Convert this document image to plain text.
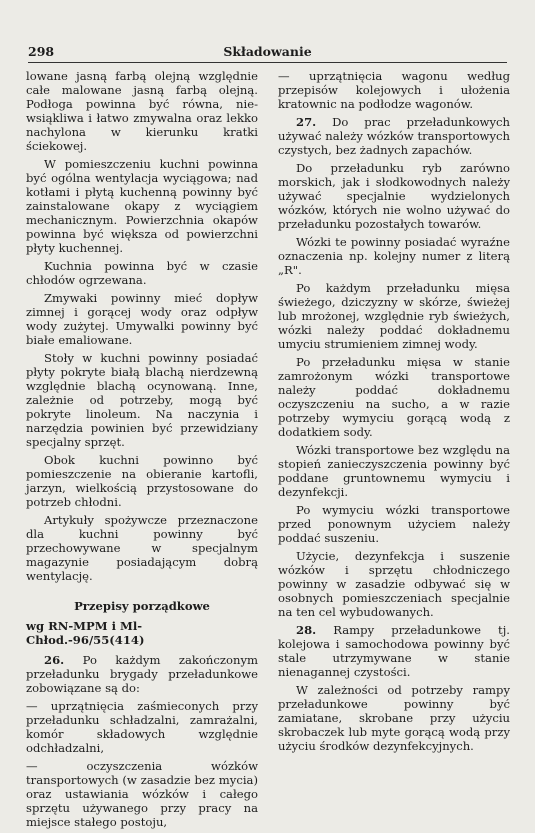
298	Składowanie

lowane jasną farbą olejną względnie całe malowane jasną farbą olejną. Podłoga powinna być równa, nie-wsiąkliwa i łatwo zmywalna oraz lekko nachylona w kierunku kratki ściekowej.

W pomieszczeniu kuchni powinna być ogólna wentylacja wyciągowa; nad kotłami i płytą kuchenną powinny być zainstalowane okapy z wyciągiem mechanicznym. Powierzchnia okapów powinna być większa od powierzchni płyty kuchennej.

Kuchnia powinna być w czasie chłodów ogrzewana.

Zmywaki powinny mieć dopływ zimnej i gorącej wody oraz odpływ wody zużytej. Umywalki powinny być białe emaliowane.

Stoły w kuchni powinny posiadać płyty pokryte białą blachą nierdzewną względnie blachą ocynowaną. Inne, zależnie od potrzeby, mogą być pokryte linoleum. Na naczynia i narzędzia powinien być przewidziany specjalny sprzęt.

Obok kuchni powinno być pomieszczenie na obieranie kartofli, jarzyn, wielkością przystosowane do potrzeb chłodni.

Artykuły spożywcze przeznaczone dla kuchni powinny być przechowywane w specjalnym magazynie posiadającym dobrą wentylację.

Przepisy porządkowe
wg RN-MPM i Ml-Chłod.-96/55(414)

26. Po każdym zakończonym przeładunku brygady przeładunkowe zobowiązane są do:

— uprzątnięcia zaśmieconych przy przeładunku schładzalni, zamrażalni, komór składowych względnie odchładzalni,

— oczyszczenia wózków transportowych (w zasadzie bez mycia) oraz ustawiania wózków i całego sprzętu używanego przy pracy na miejsce stałego postoju,

— uprzątnięcia wagonu według przepisów kolejowych i ułożenia kratownic na podłodze wagonów.

27. Do prac przeładunkowych używać należy wózków transportowych czystych, bez żadnych zapachów.

Do przeładunku ryb zarówno morskich, jak i słodkowodnych należy używać specjalnie wydzielonych wózków, których nie wolno używać do przeładunku pozostałych towarów.

Wózki te powinny posiadać wyraźne oznaczenia np. kolejny numer z literą „R".

Po każdym przeładunku mięsa świeżego, dziczyzny w skórze, świeżej lub mrożonej, względnie ryb świeżych, wózki należy poddać dokładnemu umyciu strumieniem zimnej wody.

Po przeładunku mięsa w stanie zamrożonym wózki transportowe należy poddać dokładnemu oczyszczeniu na sucho, a w razie potrzeby wymyciu gorącą wodą z dodatkiem sody.

Wózki transportowe bez względu na stopień zanieczyszczenia powinny być poddane gruntownemu wymyciu i dezynfekcji.

Po wymyciu wózki transportowe przed ponownym użyciem należy poddać suszeniu.

Użycie, dezynfekcja i suszenie wózków i sprzętu chłodniczego powinny w zasadzie odbywać się w osobnych pomieszczeniach specjalnie na ten cel wybudowanych.

28. Rampy przeładunkowe tj. kolejowa i samochodowa powinny być stale utrzymywane w stanie nienagannej czystości.

W zależności od potrzeby rampy przeładunkowe powinny być zamiatane, skrobane przy użyciu skrobaczek lub myte gorącą wodą przy użyciu środków dezynfekcyjnych.
